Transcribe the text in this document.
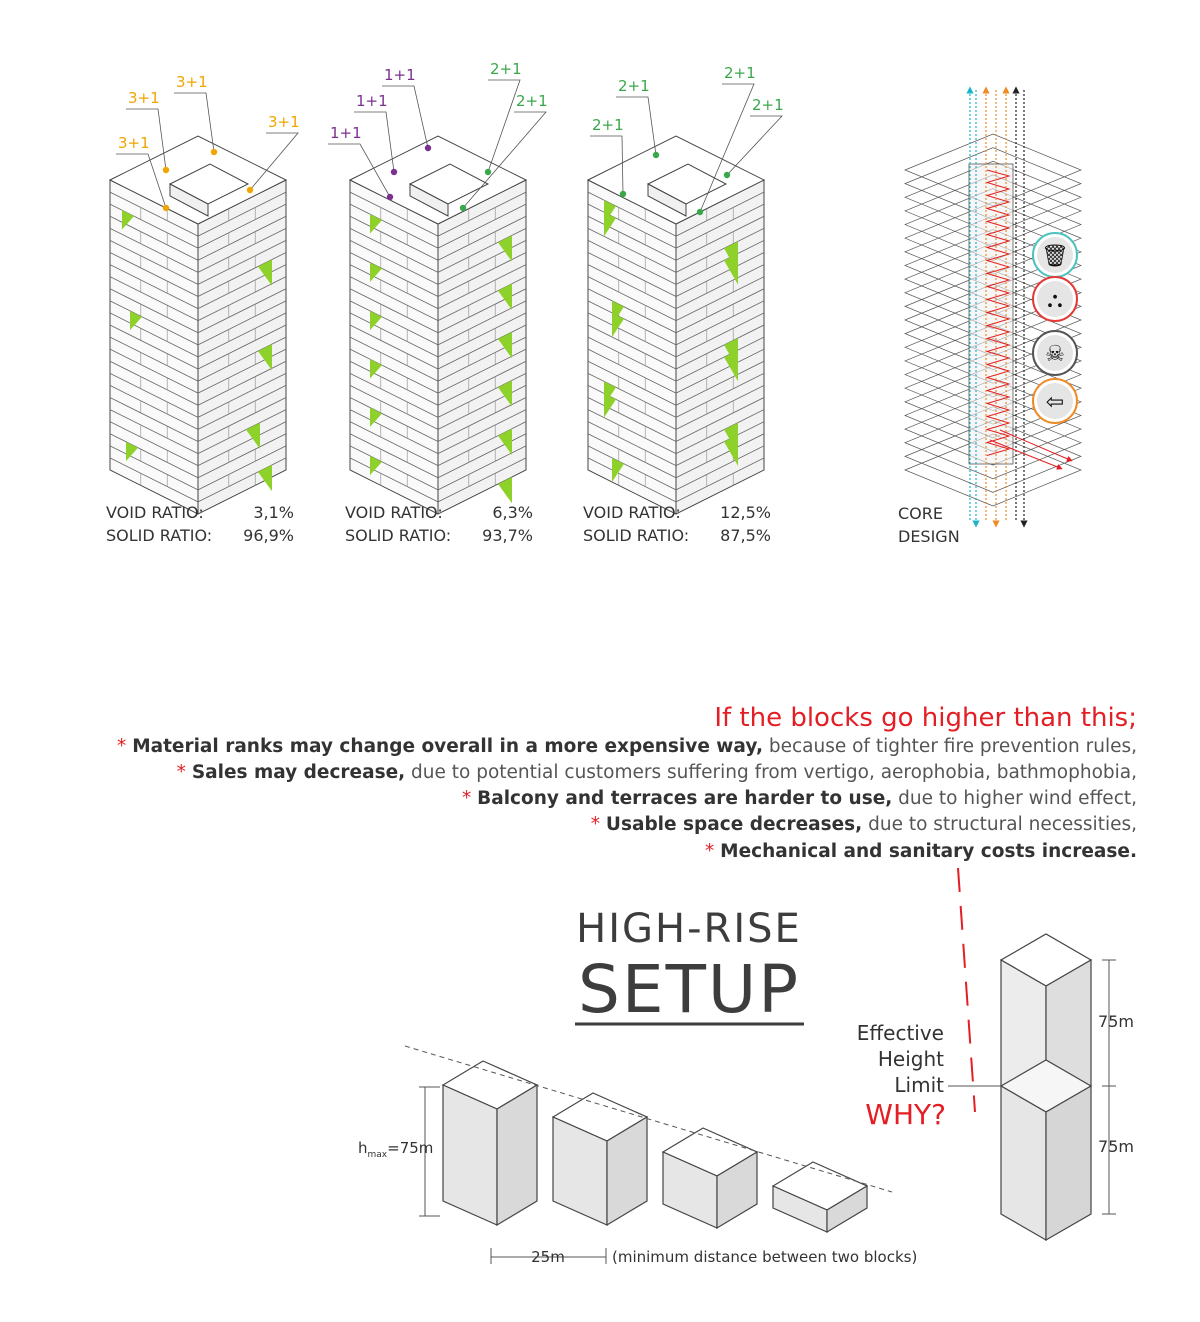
3+1
3+1
3+1
3+1
1+1
1+1
1+1	2+1
2+1
2+1
2+1
2+1
2+1
VOID RATIO:	3,1%
SOLID RATIO: 96,9%
VOID RATIO:	6,3%
SOLID RATIO: 93,7%
VOID RATIO: 12,5%
SOLID RATIO: 87,5%
🗑
⛬
☠
⇦
CORE
DESIGN
If the blocks go higher than this;
* Material ranks may change overall in a more expensive way, because of tighter fire prevention rules,
* Sales may decrease, due to potential customers suffering from vertigo, aerophobia, bathmophobia,
* Balcony and terraces are harder to use, due to higher wind effect,
* Usable space decreases, due to structural necessities,
* Mechanical and sanitary costs increase.
HIGH-RISE
SETUP
$h_{max}=75m$
25m	(minimum distance between two blocks)
Effective
Height
Limit
WHY?
75m
75m
